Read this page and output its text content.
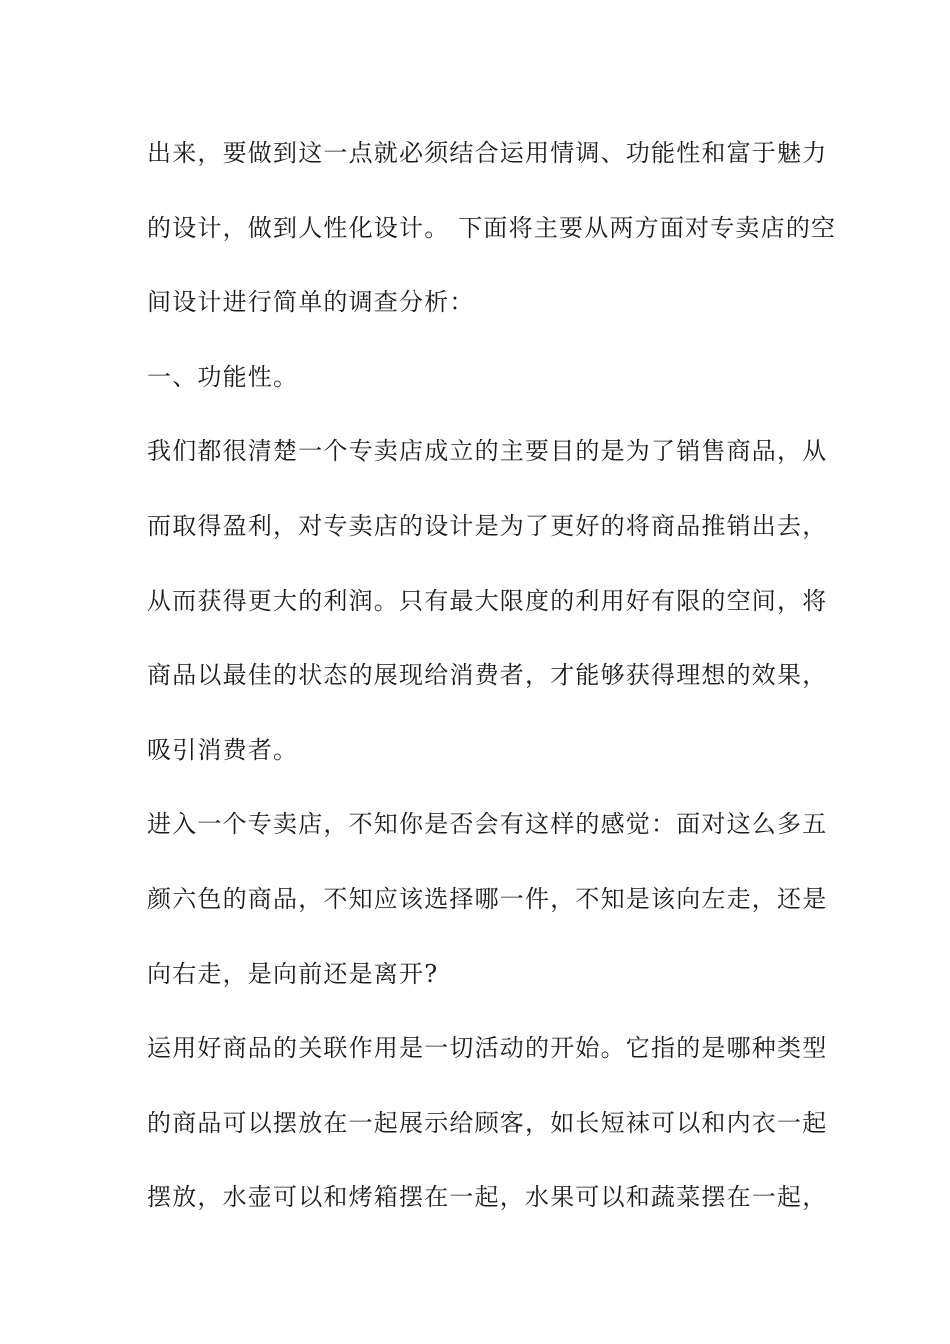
出来，要做到这一点就必须结合运用情调、功能性和富于魅力
的设计，做到人性化设计。 下面将主要从两方面对专卖店的空
间设计进行简单的调查分析：
一、功能性。
我们都很清楚一个专卖店成立的主要目的是为了销售商品，从
而取得盈利，对专卖店的设计是为了更好的将商品推销出去，
从而获得更大的利润。只有最大限度的利用好有限的空间，将
商品以最佳的状态的展现给消费者，才能够获得理想的效果，
吸引消费者。
进入一个专卖店，不知你是否会有这样的感觉：面对这么多五
颜六色的商品，不知应该选择哪一件，不知是该向左走，还是
向右走，是向前还是离开?
运用好商品的关联作用是一切活动的开始。它指的是哪种类型
的商品可以摆放在一起展示给顾客，如长短袜可以和内衣一起
摆放，水壶可以和烤箱摆在一起，水果可以和蔬菜摆在一起，
